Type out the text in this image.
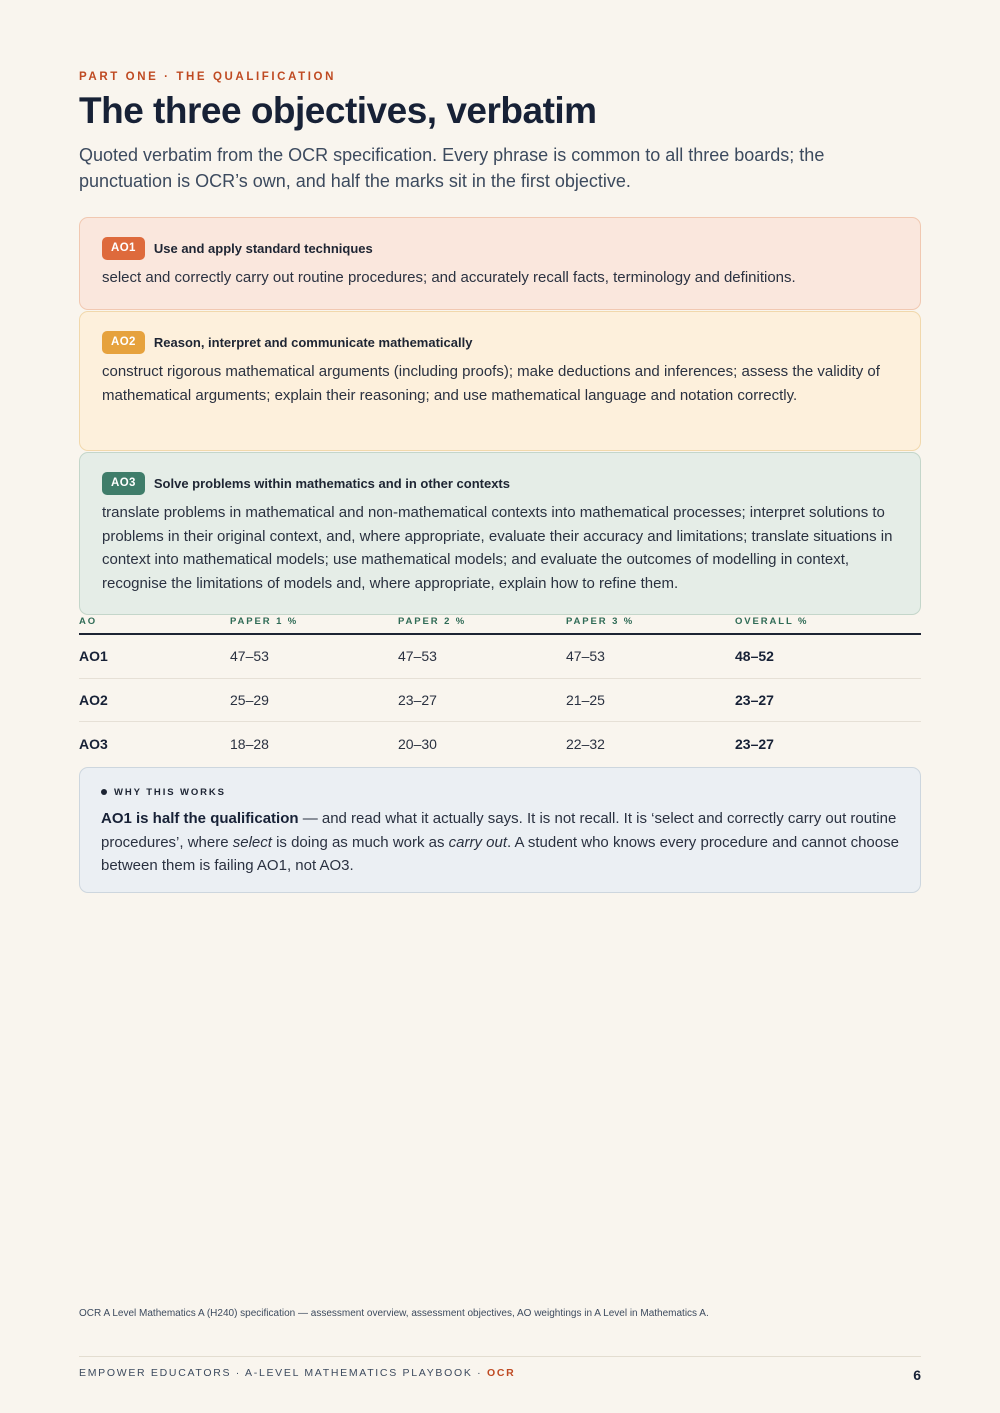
PART ONE · THE QUALIFICATION
The three objectives, verbatim

Quoted verbatim from the OCR specification. Every phrase is common to all three boards; the punctuation is OCR’s own, and half the marks sit in the first objective.

AO1	Use and apply standard techniques

select and correctly carry out routine procedures; and accurately recall facts, terminology and definitions.

AO2	Reason, interpret and communicate mathematically

construct rigorous mathematical arguments (including proofs); make deductions and inferences; assess the validity of mathematical arguments; explain their reasoning; and use mathematical language and notation correctly.

AO3	Solve problems within mathematics and in other contexts

translate problems in mathematical and non-mathematical contexts into mathematical processes; interpret solutions to problems in their original context, and, where appropriate, evaluate their accuracy and limitations; translate situations in context into mathematical models; use mathematical models; and evaluate the outcomes of modelling in context, recognise the limitations of models and, where appropriate, explain how to refine them.

AO	PAPER 1 %	PAPER 2 %	PAPER 3 %	OVERALL %
AO1	47–53	47–53	47–53	48–52
AO2	25–29	23–27	21–25	23–27
AO3	18–28	20–30	22–32	23–27
WHY THIS WORKS

AO1 is half the qualification — and read what it actually says. It is not recall. It is ‘select and correctly carry out routine procedures’, where select is doing as much work as carry out. A student who knows every procedure and cannot choose between them is failing AO1, not AO3.

OCR A Level Mathematics A (H240) specification — assessment overview, assessment objectives, AO weightings in A Level in Mathematics A.

EMPOWER EDUCATORS · A-LEVEL MATHEMATICS PLAYBOOK · OCR	6
